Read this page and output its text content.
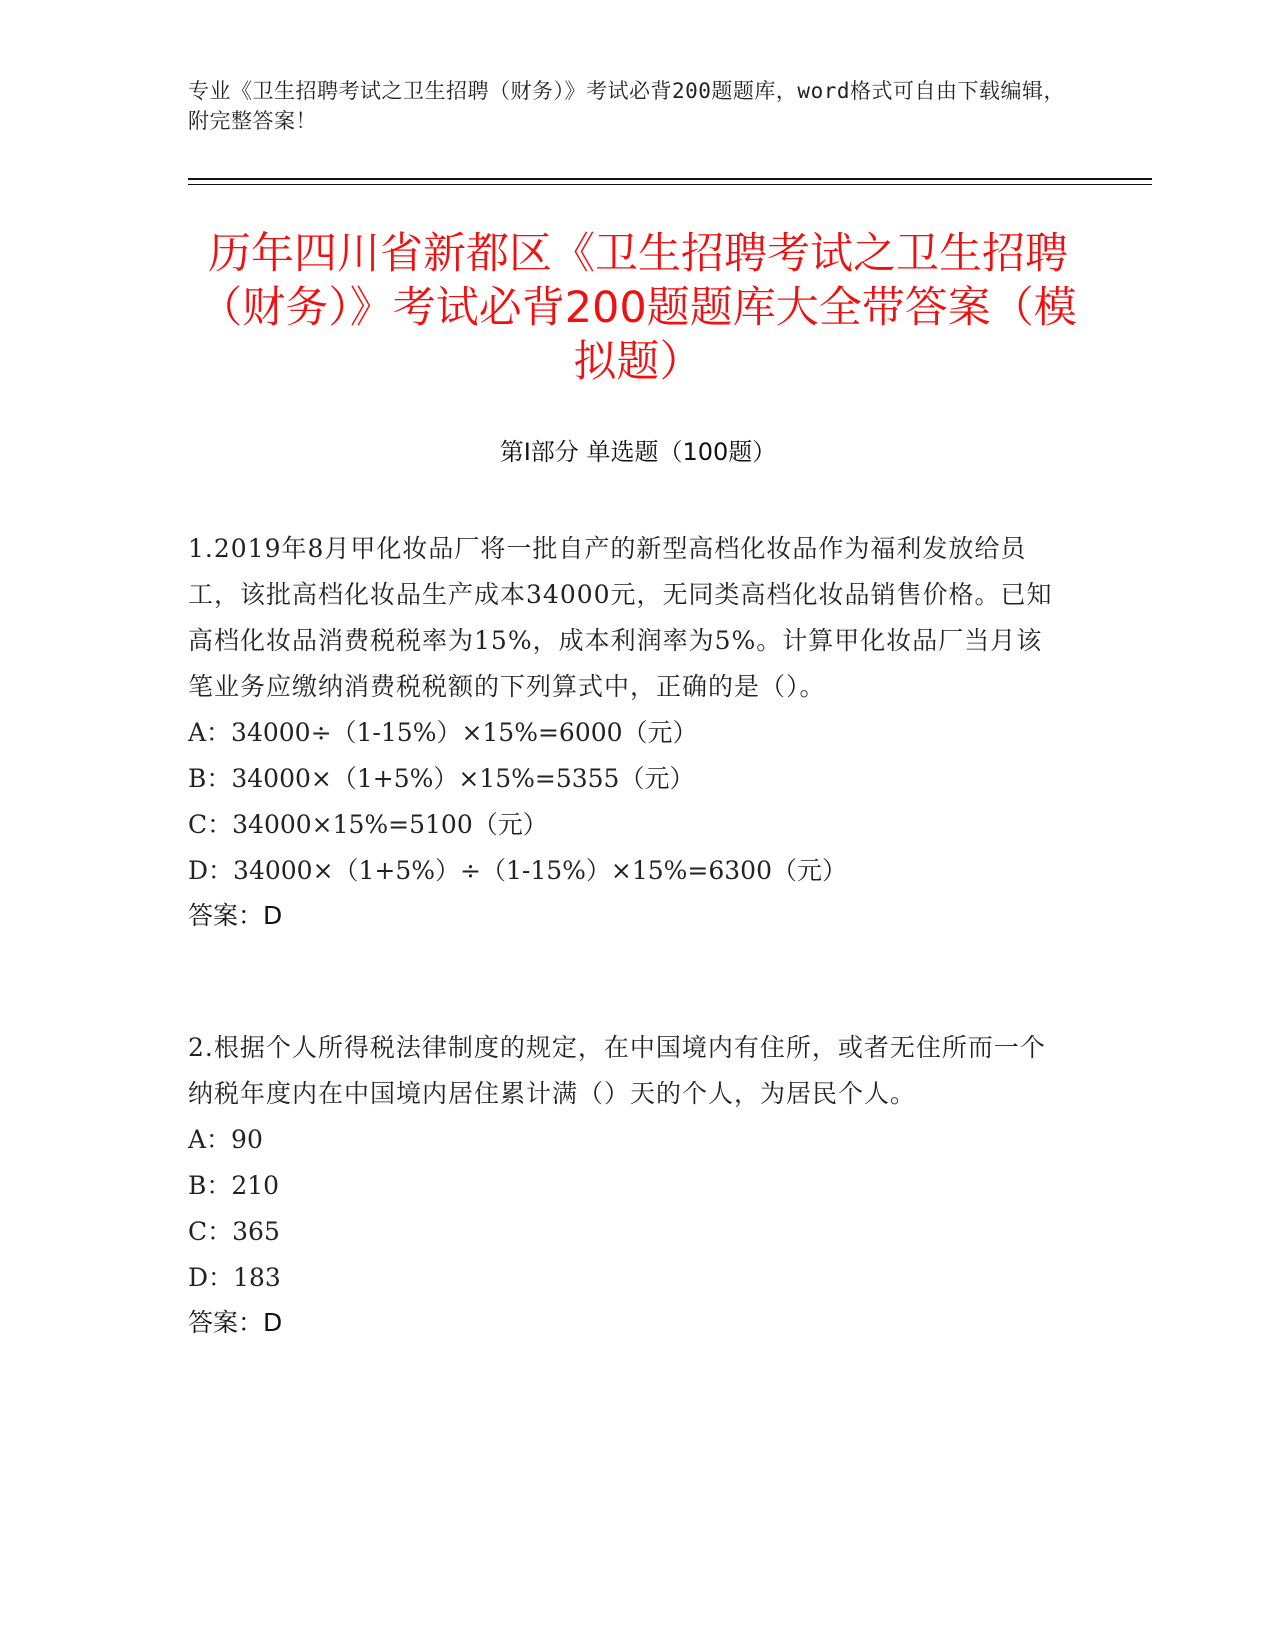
专业《卫生招聘考试之卫生招聘（财务）》考试必背200题题库，word格式可自由下载编辑，附完整答案！
历年四川省新都区《卫生招聘考试之卫生招聘（财务）》考试必背200题题库大全带答案（模拟题）
第I部分 单选题（100题）
1.2019年8月甲化妆品厂将一批自产的新型高档化妆品作为福利发放给员工，该批高档化妆品生产成本34000元，无同类高档化妆品销售价格。已知高档化妆品消费税税率为15%，成本利润率为5%。计算甲化妆品厂当月该笔业务应缴纳消费税税额的下列算式中，正确的是（）。
A：34000÷（1-15%）×15%=6000（元）
B：34000×（1+5%）×15%=5355（元）
C：34000×15%=5100（元）
D：34000×（1+5%）÷（1-15%）×15%=6300（元）
答案：D
2.根据个人所得税法律制度的规定，在中国境内有住所，或者无住所而一个纳税年度内在中国境内居住累计满（）天的个人，为居民个人。
A：90
B：210
C：365
D：183
答案：D
